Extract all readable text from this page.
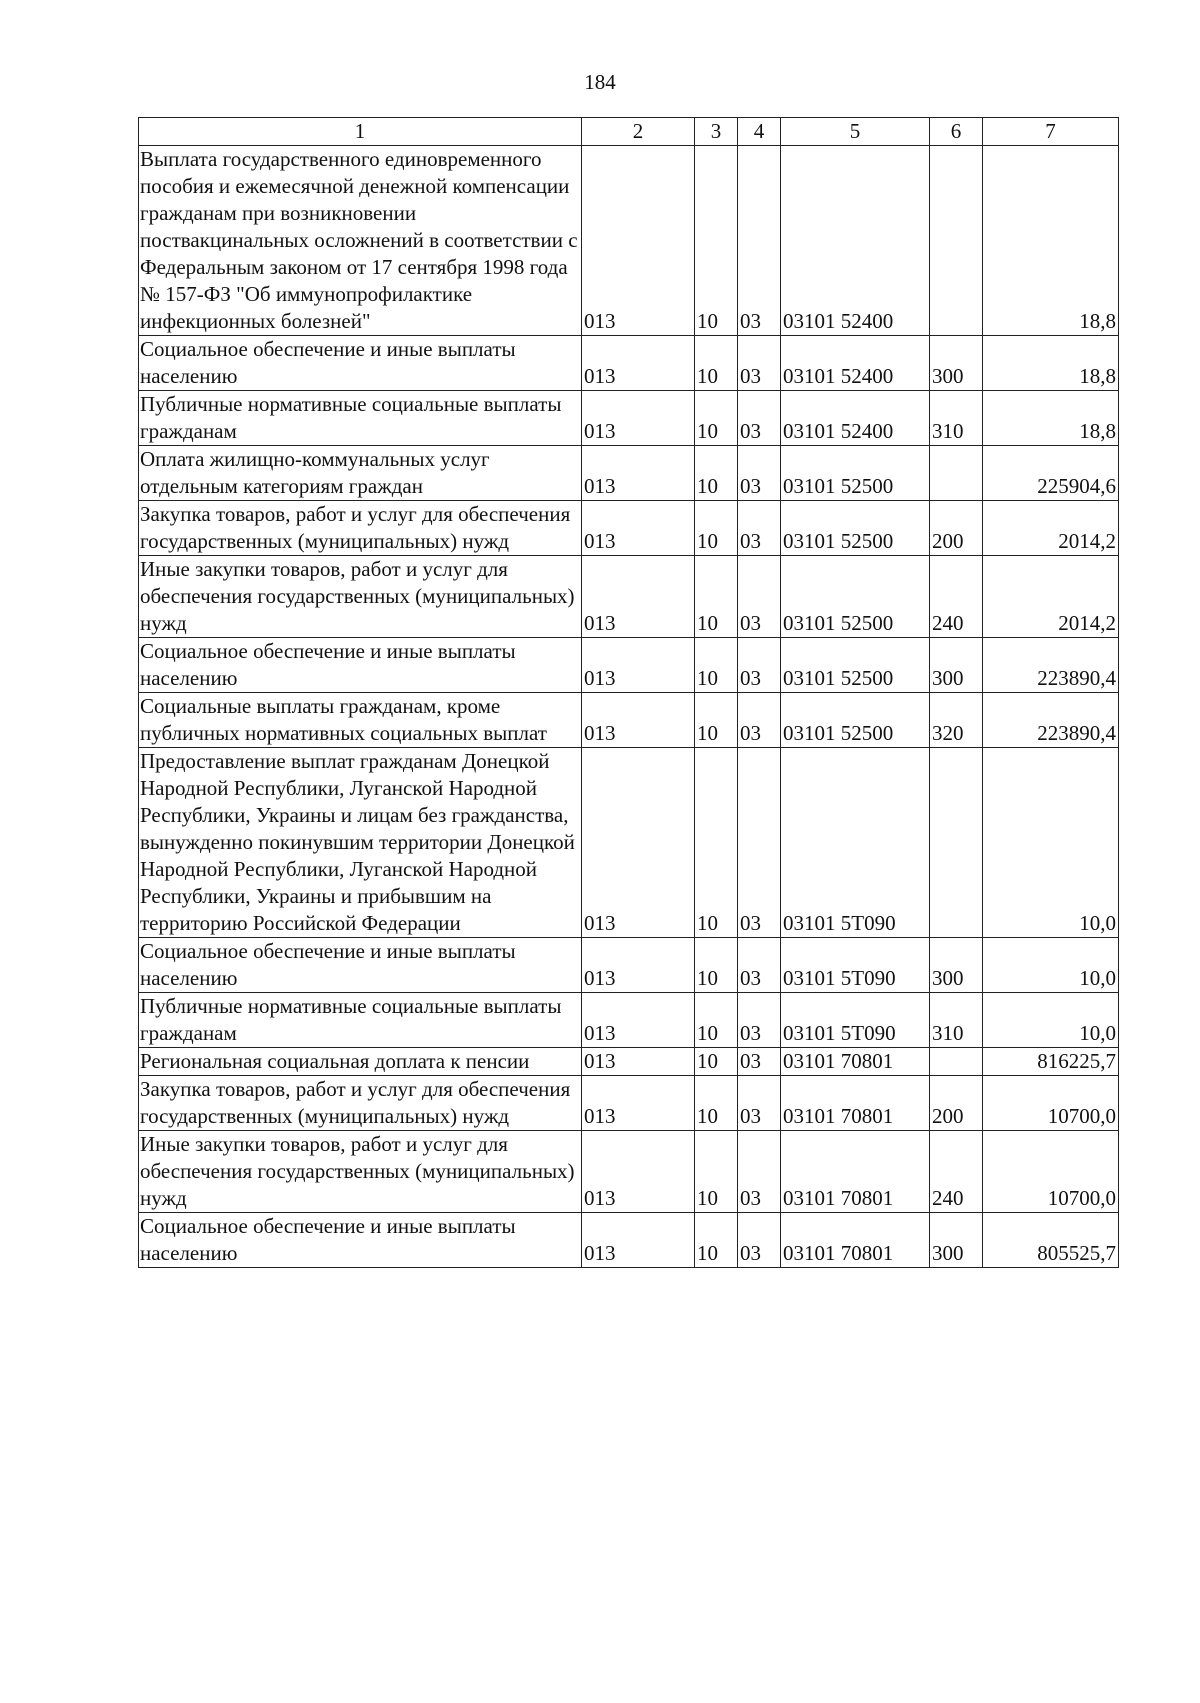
184
1	2	3	4	5	6	7
Выплата государственного единовременного пособия и ежемесячной денежной компенсации гражданам при возникновении поствакцинальных осложнений в соответствии с Федеральным законом от 17 сентября 1998 года № 157-ФЗ "Об иммунопрофилактике инфекционных болезней"	013	10	03	03101 52400		18,8
Социальное обеспечение и иные выплаты населению	013	10	03	03101 52400	300	18,8
Публичные нормативные социальные выплаты гражданам	013	10	03	03101 52400	310	18,8
Оплата жилищно-коммунальных услуг отдельным категориям граждан	013	10	03	03101 52500		225904,6
Закупка товаров, работ и услуг для обеспечения государственных (муниципальных) нужд	013	10	03	03101 52500	200	2014,2
Иные закупки товаров, работ и услуг для обеспечения государственных (муниципальных) нужд	013	10	03	03101 52500	240	2014,2
Социальное обеспечение и иные выплаты населению	013	10	03	03101 52500	300	223890,4
Социальные выплаты гражданам, кроме публичных нормативных социальных выплат	013	10	03	03101 52500	320	223890,4
Предоставление выплат гражданам Донецкой Народной Республики, Луганской Народной Республики, Украины и лицам без гражданства, вынужденно покинувшим территории Донецкой Народной Республики, Луганской Народной Республики, Украины и прибывшим на территорию Российской Федерации	013	10	03	03101 5Т090		10,0
Социальное обеспечение и иные выплаты населению	013	10	03	03101 5Т090	300	10,0
Публичные нормативные социальные выплаты гражданам	013	10	03	03101 5Т090	310	10,0
Региональная социальная доплата к пенсии	013	10	03	03101 70801		816225,7
Закупка товаров, работ и услуг для обеспечения государственных (муниципальных) нужд	013	10	03	03101 70801	200	10700,0
Иные закупки товаров, работ и услуг для обеспечения государственных (муниципальных) нужд	013	10	03	03101 70801	240	10700,0
Социальное обеспечение и иные выплаты населению	013	10	03	03101 70801	300	805525,7
